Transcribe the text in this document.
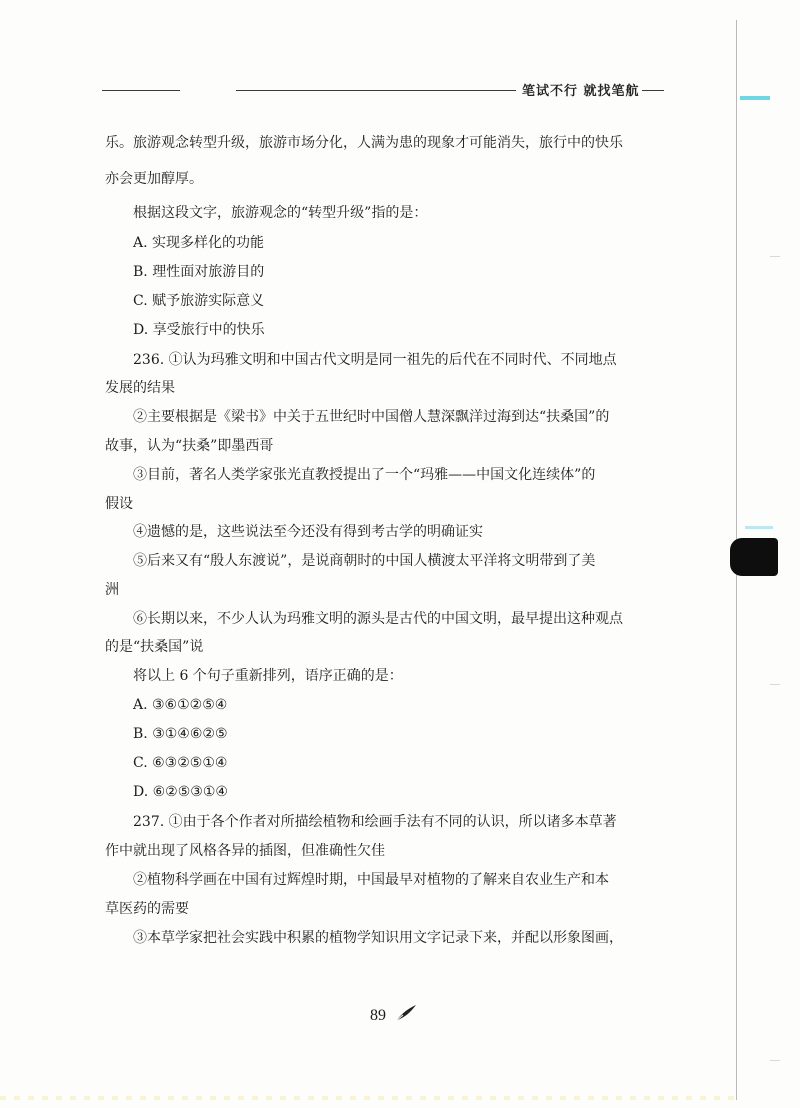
笔试不行 就找笔航
乐。旅游观念转型升级，旅游市场分化，人满为患的现象才可能消失，旅行中的快乐
亦会更加醇厚。
根据这段文字，旅游观念的“转型升级”指的是：
A. 实现多样化的功能
B. 理性面对旅游目的
C. 赋予旅游实际意义
D. 享受旅行中的快乐
236. ①认为玛雅文明和中国古代文明是同一祖先的后代在不同时代、不同地点
发展的结果
②主要根据是《梁书》中关于五世纪时中国僧人慧深飘洋过海到达“扶桑国”的
故事，认为“扶桑”即墨西哥
③目前，著名人类学家张光直教授提出了一个“玛雅——中国文化连续体”的
假设
④遗憾的是，这些说法至今还没有得到考古学的明确证实
⑤后来又有“殷人东渡说”，是说商朝时的中国人横渡太平洋将文明带到了美
洲
⑥长期以来，不少人认为玛雅文明的源头是古代的中国文明，最早提出这种观点
的是“扶桑国”说
将以上 6 个句子重新排列，语序正确的是：
A. ③⑥①②⑤④
B. ③①④⑥②⑤
C. ⑥③②⑤①④
D. ⑥②⑤③①④
237. ①由于各个作者对所描绘植物和绘画手法有不同的认识，所以诸多本草著
作中就出现了风格各异的插图，但准确性欠佳
②植物科学画在中国有过辉煌时期，中国最早对植物的了解来自农业生产和本
草医药的需要
③本草学家把社会实践中积累的植物学知识用文字记录下来，并配以形象图画，
89
